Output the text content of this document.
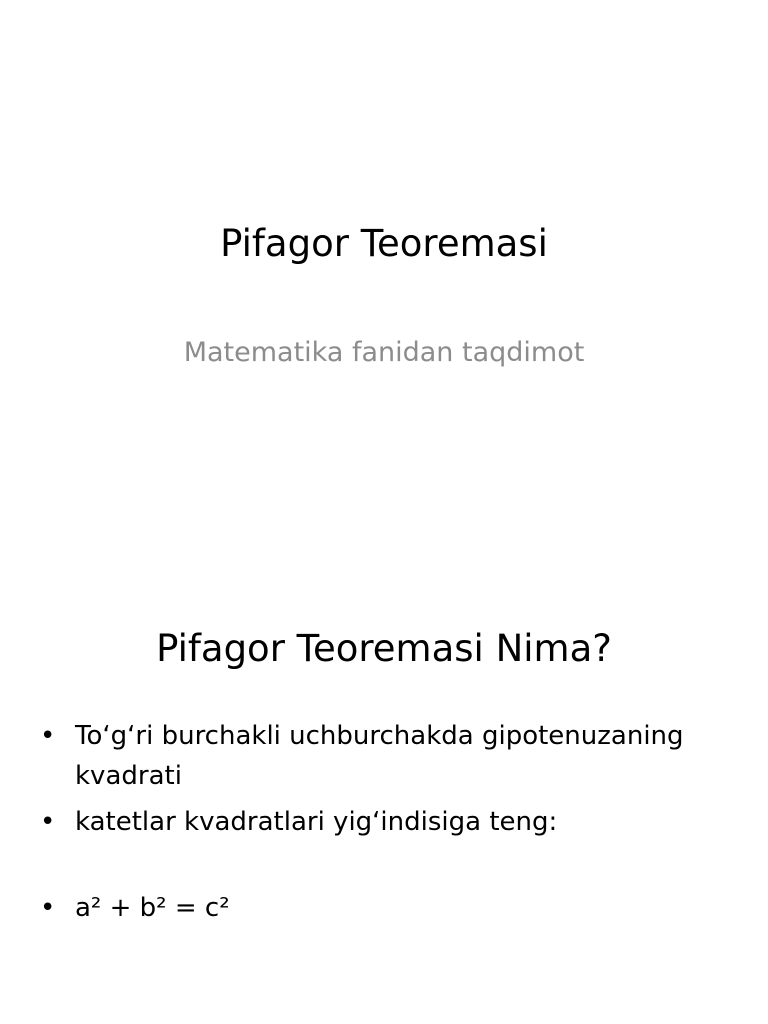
Pifagor Teoremasi
Matematika fanidan taqdimot
Pifagor Teoremasi Nima?
• To‘g‘ri burchakli uchburchakda gipotenuzaning kvadrati
• katetlar kvadratlari yig‘indisiga teng:
• a² + b² = c²
